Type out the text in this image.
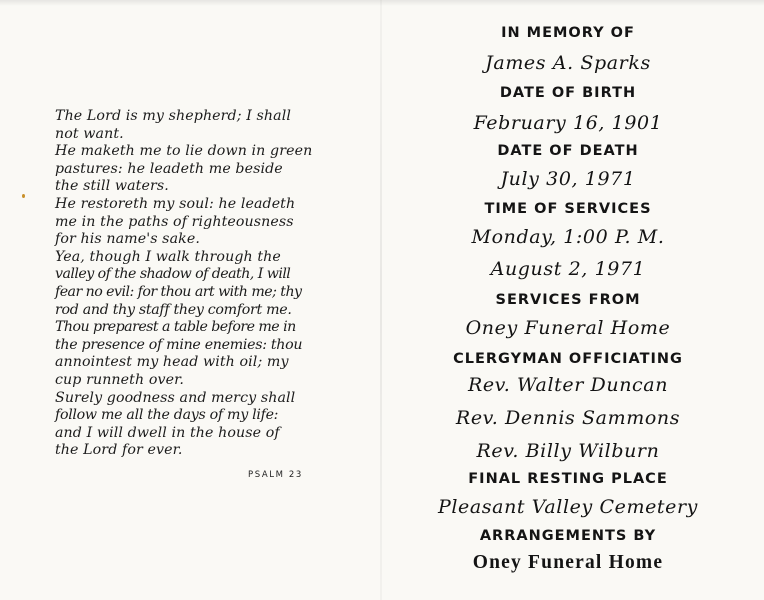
The Lord is my shepherd; I shall
not want.
He maketh me to lie down in green
pastures: he leadeth me beside
the still waters.
He restoreth my soul: he leadeth
me in the paths of righteousness
for his name's sake.
Yea, though I walk through the
valley of the shadow of death, I will
fear no evil: for thou art with me; thy
rod and thy staff they comfort me.
Thou preparest a table before me in
the presence of mine enemies: thou
annointest my head with oil; my
cup runneth over.
Surely goodness and mercy shall
follow me all the days of my life:
and I will dwell in the house of
the Lord for ever.
PSALM 23
IN MEMORY OF
James A. Sparks
DATE OF BIRTH
February 16, 1901
DATE OF DEATH
July 30, 1971
TIME OF SERVICES
Monday, 1:00 P. M.
August 2, 1971
SERVICES FROM
Oney Funeral Home
CLERGYMAN OFFICIATING
Rev. Walter Duncan
Rev. Dennis Sammons
Rev. Billy Wilburn
FINAL RESTING PLACE
Pleasant Valley Cemetery
ARRANGEMENTS BY
Oney Funeral Home
